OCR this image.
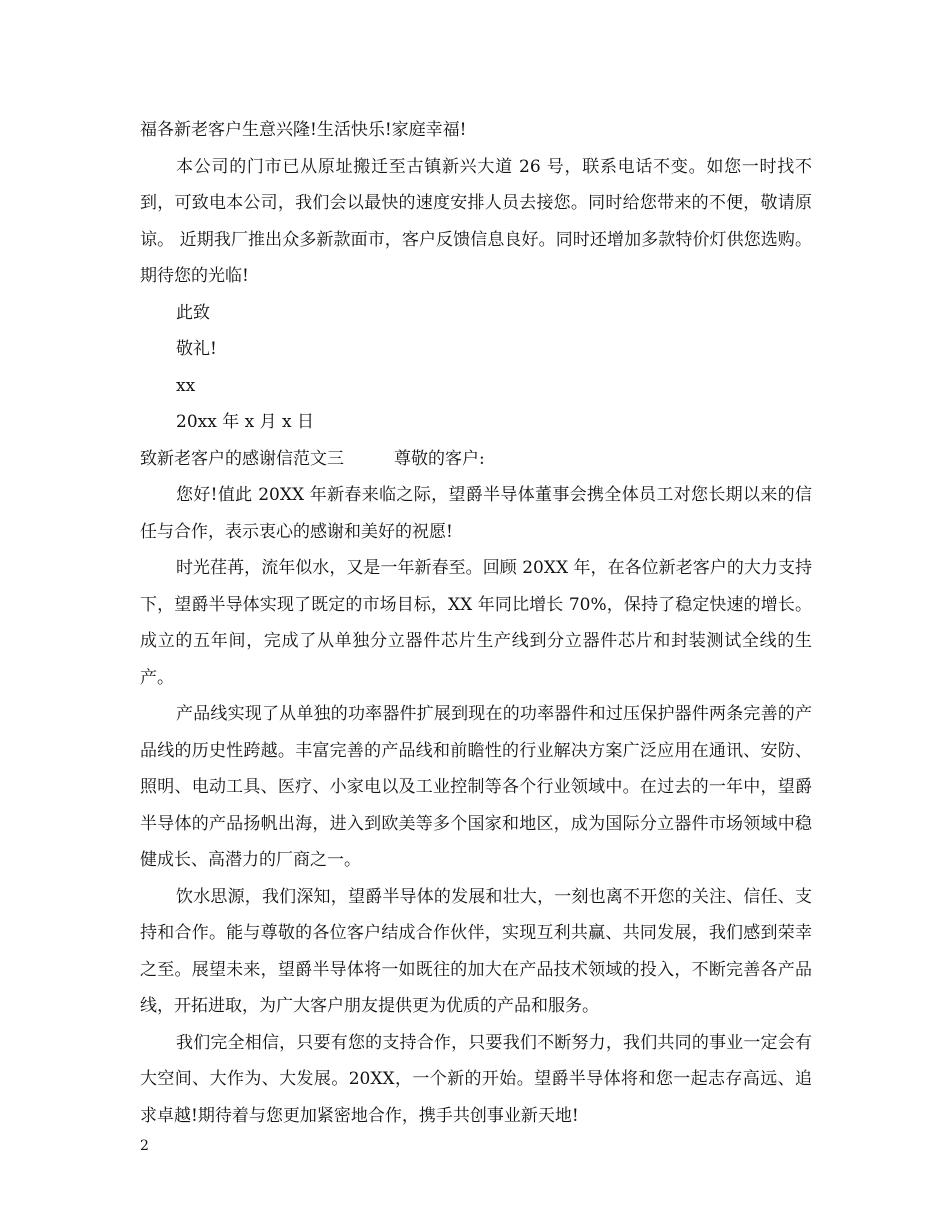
福各新老客户生意兴隆!生活快乐!家庭幸福!

本公司的门市已从原址搬迁至古镇新兴大道 26 号，联系电话不变。如您一时找不到，可致电本公司，我们会以最快的速度安排人员去接您。同时给您带来的不便，敬请原谅。 近期我厂推出众多新款面市，客户反馈信息良好。同时还增加多款特价灯供您选购。 期待您的光临!

此致

敬礼!

xx

20xx 年 x 月 x 日

致新老客户的感谢信范文三	尊敬的客户:

您好!值此 20XX 年新春来临之际，望爵半导体董事会携全体员工对您长期以来的信任与合作，表示衷心的感谢和美好的祝愿!

时光荏苒，流年似水，又是一年新春至。回顾 20XX 年，在各位新老客户的大力支持下，望爵半导体实现了既定的市场目标，XX 年同比增长 70%，保持了稳定快速的增长。成立的五年间，完成了从单独分立器件芯片生产线到分立器件芯片和封装测试全线的生产。

产品线实现了从单独的功率器件扩展到现在的功率器件和过压保护器件两条完善的产品线的历史性跨越。丰富完善的产品线和前瞻性的行业解决方案广泛应用在通讯、安防、照明、电动工具、医疗、小家电以及工业控制等各个行业领域中。在过去的一年中，望爵半导体的产品扬帆出海，进入到欧美等多个国家和地区，成为国际分立器件市场领域中稳健成长、高潜力的厂商之一。

饮水思源，我们深知，望爵半导体的发展和壮大，一刻也离不开您的关注、信任、支持和合作。能与尊敬的各位客户结成合作伙伴，实现互利共赢、共同发展，我们感到荣幸之至。展望未来，望爵半导体将一如既往的加大在产品技术领域的投入，不断完善各产品线，开拓进取，为广大客户朋友提供更为优质的产品和服务。

我们完全相信，只要有您的支持合作，只要我们不断努力，我们共同的事业一定会有大空间、大作为、大发展。20XX，一个新的开始。望爵半导体将和您一起志存高远、追求卓越!期待着与您更加紧密地合作，携手共创事业新天地!

2
